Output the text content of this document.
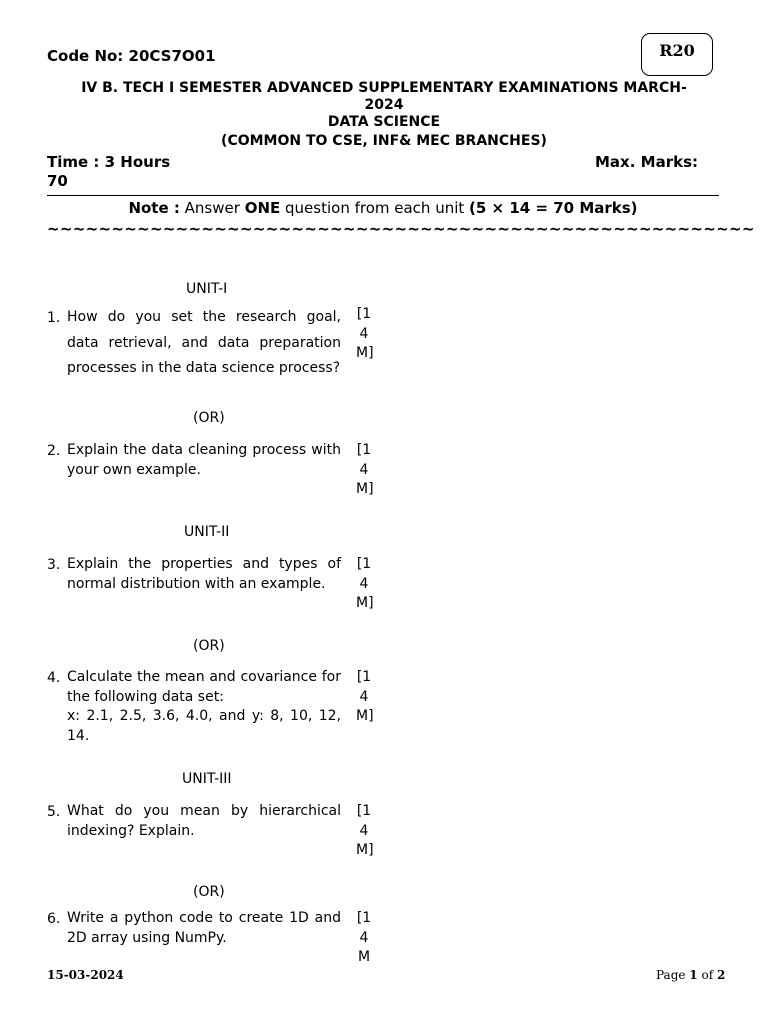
Code No: 20CS7O01	R20
IV B. TECH I SEMESTER ADVANCED SUPPLEMENTARY EXAMINATIONS MARCH-
2024
DATA SCIENCE
(COMMON TO CSE, INF& MEC BRANCHES)
Time : 3 Hours	Max. Marks:
70
Note : Answer ONE question from each unit (5 × 14 = 70 Marks)
~~~~~~~~~~~~~~~~~~~~~~~~~~~~~~~~~~~~~~~~~~~~~~~~~~~~~~~
UNIT-I
1. How do you set the research goal, data retrieval, and data preparation processes in the data science process?
[14M]
(OR)
2. Explain the data cleaning process with your own example.
[14M]
UNIT-II
3. Explain the properties and types of normal distribution with an example.
[14M]
(OR)
4. Calculate the mean and covariance for the following data set:
x: 2.1, 2.5, 3.6, 4.0, and y: 8, 10, 12, 14.
[14M]
UNIT-III
5. What do you mean by hierarchical indexing? Explain.
[14M]
(OR)
6. Write a python code to create 1D and 2D array using NumPy.
[14M
15-03-2024	Page 1 of 2
